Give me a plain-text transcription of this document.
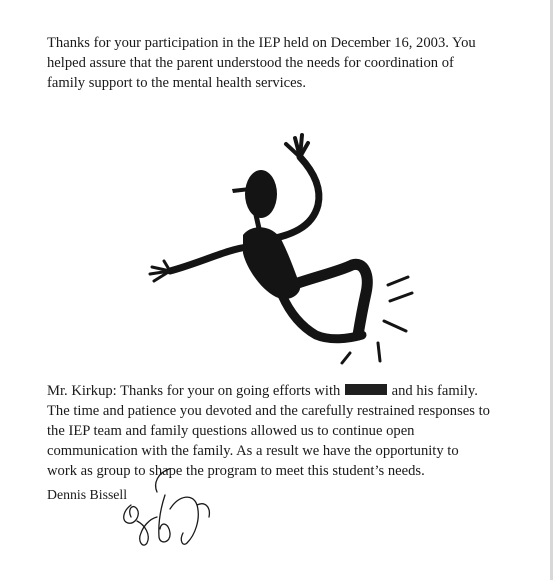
Thanks for your participation in the IEP held on December 16, 2003. You
helped assure that the parent understood the needs for coordination of
family support to the mental health services.
Mr. Kirkup: Thanks for your on going efforts with	and his family.
The time and patience you devoted and the carefully restrained responses to
the IEP team and family questions allowed us to continue open
communication with the family. As a result we have the opportunity to
work as group to shape the program to meet this student’s needs.

Dennis Bissell
